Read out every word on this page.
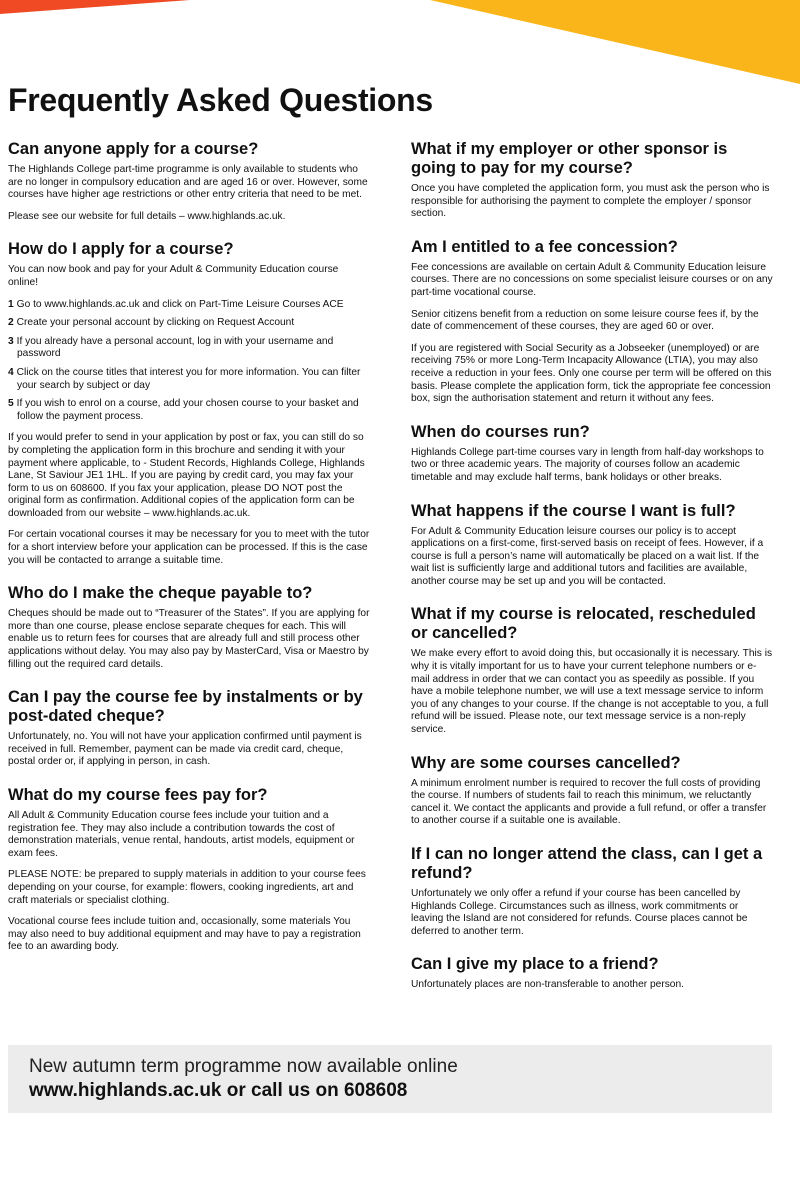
Frequently Asked Questions
Can anyone apply for a course?

The Highlands College part-time programme is only available to students who are no longer in compulsory education and are aged 16 or over. However, some courses have higher age restrictions or other entry criteria that need to be met.

Please see our website for full details – www.highlands.ac.uk.

How do I apply for a course?

You can now book and pay for your Adult & Community Education course online!

1 Go to www.highlands.ac.uk and click on Part-Time Leisure Courses ACE
2 Create your personal account by clicking on Request Account
3 If you already have a personal account, log in with your username and password
4 Click on the course titles that interest you for more information. You can filter your search by subject or day
5 If you wish to enrol on a course, add your chosen course to your basket and follow the payment process.

If you would prefer to send in your application by post or fax, you can still do so by completing the application form in this brochure and sending it with your payment where applicable, to - Student Records, Highlands College, Highlands Lane, St Saviour JE1 1HL. If you are paying by credit card, you may fax your form to us on 608600. If you fax your application, please DO NOT post the original form as confirmation. Additional copies of the application form can be downloaded from our website – www.highlands.ac.uk.

For certain vocational courses it may be necessary for you to meet with the tutor for a short interview before your application can be processed. If this is the case you will be contacted to arrange a suitable time.

Who do I make the cheque payable to?

Cheques should be made out to “Treasurer of the States”. If you are applying for more than one course, please enclose separate cheques for each. This will enable us to return fees for courses that are already full and still process other applications without delay. You may also pay by MasterCard, Visa or Maestro by filling out the required card details.

Can I pay the course fee by instalments or by post-dated cheque?

Unfortunately, no. You will not have your application confirmed until payment is received in full. Remember, payment can be made via credit card, cheque, postal order or, if applying in person, in cash.

What do my course fees pay for?

All Adult & Community Education course fees include your tuition and a registration fee. They may also include a contribution towards the cost of demonstration materials, venue rental, handouts, artist models, equipment or exam fees.

PLEASE NOTE: be prepared to supply materials in addition to your course fees depending on your course, for example: flowers, cooking ingredients, art and craft materials or specialist clothing.

Vocational course fees include tuition and, occasionally, some materials You may also need to buy additional equipment and may have to pay a registration fee to an awarding body.

What if my employer or other sponsor is going to pay for my course?

Once you have completed the application form, you must ask the person who is responsible for authorising the payment to complete the employer / sponsor section.

Am I entitled to a fee concession?

Fee concessions are available on certain Adult & Community Education leisure courses. There are no concessions on some specialist leisure courses or on any part-time vocational course.

Senior citizens benefit from a reduction on some leisure course fees if, by the date of commencement of these courses, they are aged 60 or over.

If you are registered with Social Security as a Jobseeker (unemployed) or are receiving 75% or more Long-Term Incapacity Allowance (LTIA), you may also receive a reduction in your fees. Only one course per term will be offered on this basis. Please complete the application form, tick the appropriate fee concession box, sign the authorisation statement and return it without any fees.

When do courses run?

Highlands College part-time courses vary in length from half-day workshops to two or three academic years. The majority of courses follow an academic timetable and may exclude half terms, bank holidays or other breaks.

What happens if the course I want is full?

For Adult & Community Education leisure courses our policy is to accept applications on a first-come, first-served basis on receipt of fees. However, if a course is full a person’s name will automatically be placed on a wait list. If the wait list is sufficiently large and additional tutors and facilities are available, another course may be set up and you will be contacted.

What if my course is relocated, rescheduled or cancelled?

We make every effort to avoid doing this, but occasionally it is necessary. This is why it is vitally important for us to have your current telephone numbers or e-mail address in order that we can contact you as speedily as possible. If you have a mobile telephone number, we will use a text message service to inform you of any changes to your course. If the change is not acceptable to you, a full refund will be issued. Please note, our text message service is a non-reply service.

Why are some courses cancelled?

A minimum enrolment number is required to recover the full costs of providing the course. If numbers of students fail to reach this minimum, we reluctantly cancel it. We contact the applicants and provide a full refund, or offer a transfer to another course if a suitable one is available.

If I can no longer attend the class, can I get a refund?

Unfortunately we only offer a refund if your course has been cancelled by Highlands College. Circumstances such as illness, work commitments or leaving the Island are not considered for refunds. Course places cannot be deferred to another term.

Can I give my place to a friend?

Unfortunately places are non-transferable to another person.

New autumn term programme now available online
www.highlands.ac.uk or call us on 608608
